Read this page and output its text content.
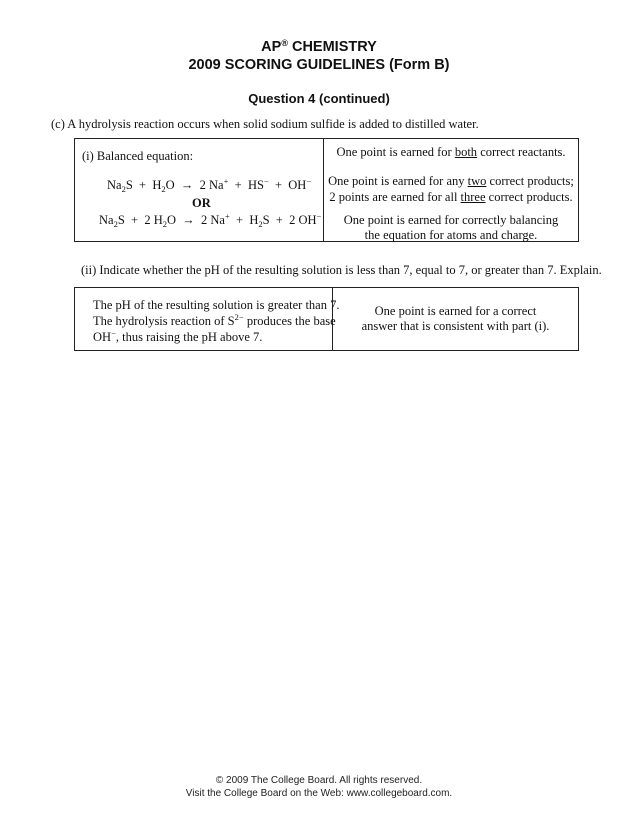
AP® CHEMISTRY
2009 SCORING GUIDELINES (Form B)
Question 4 (continued)
(c) A hydrolysis reaction occurs when solid sodium sulfide is added to distilled water.
(i) Balanced equation:
$Na_2S + H_2O \to 2$ Na+  +  HS−  +  OH−
OR
$Na_2S + 2$ $H_2O \to 2$ $Na^+ + H_2S + 2$ OH−
One point is earned for both correct reactants.
One point is earned for any two correct products;
2 points are earned for all three correct products.
One point is earned for correctly balancing
the equation for atoms and charge.
(ii) Indicate whether the pH of the resulting solution is less than 7, equal to 7, or greater than 7. Explain.
The pH of the resulting solution is greater than 7.
The hydrolysis reaction of $S^{2-}$ produces the base
OH−, thus raising the pH above 7.
One point is earned for a correct
answer that is consistent with part (i).
© 2009 The College Board. All rights reserved.
Visit the College Board on the Web: www.collegeboard.com.
